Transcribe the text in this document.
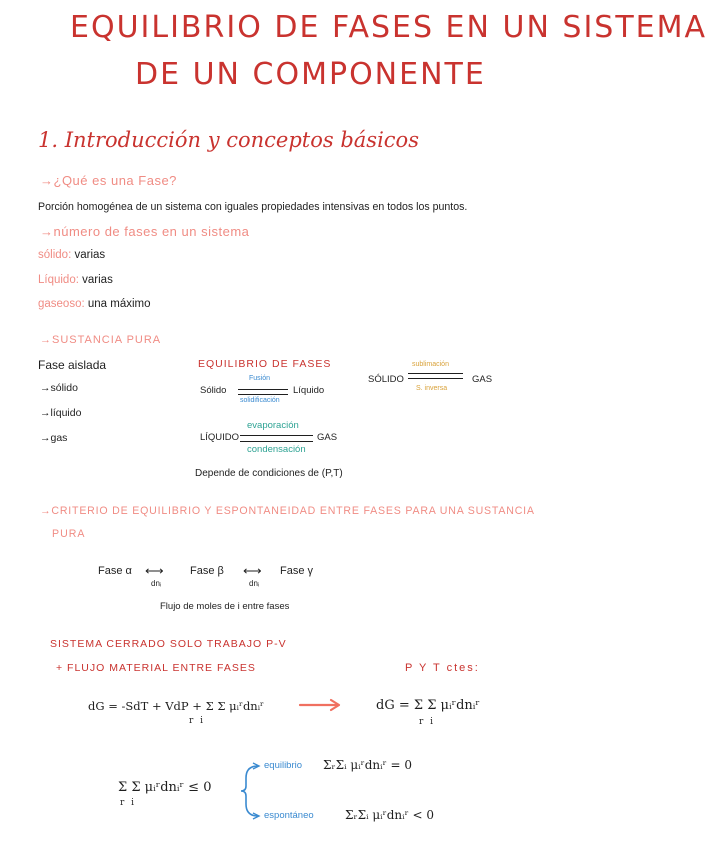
EQUILIBRIO DE FASES EN UN SISTEMA
DE UN COMPONENTE
1. Introducción y conceptos básicos
→ ¿Qué es una Fase?
Porción homogénea de un sistema con iguales propiedades intensivas en todos los puntos.
→ número de fases en un sistema
sólido: varias
Líquido: varias
gaseoso: una máximo
→ SUSTANCIA PURA
Fase aislada
→ sólido
→ líquido
→ gas
EQUILIBRIO DE FASES
Sólido
Fusión
solidificación
Líquido
SÓLIDO
sublimación
S. inversa
GAS
LÍQUIDO
evaporación
condensación
GAS
Depende de condiciones de (P,T)
→ CRITERIO DE EQUILIBRIO Y ESPONTANEIDAD ENTRE FASES PARA UNA SUSTANCIA
PURA
Fase α ⟷
dnᵢ
Fase β ⟷
dnᵢ
Fase γ
Flujo de moles de i entre fases
SISTEMA CERRADO SOLO TRABAJO P-V
+ FLUJO MATERIAL ENTRE FASES	P Y T ctes:
dG = -SdT + VdP + Σ Σ μᵢʳdnᵢʳ
r i
dG = Σ Σ μᵢʳdnᵢʳ
r i
Σ Σ μᵢʳdnᵢʳ ≤ 0
r i
equilibrio ΣᵣΣᵢ μᵢʳdnᵢʳ = 0
espontáneo	ΣᵣΣᵢ μᵢʳdnᵢʳ < 0
